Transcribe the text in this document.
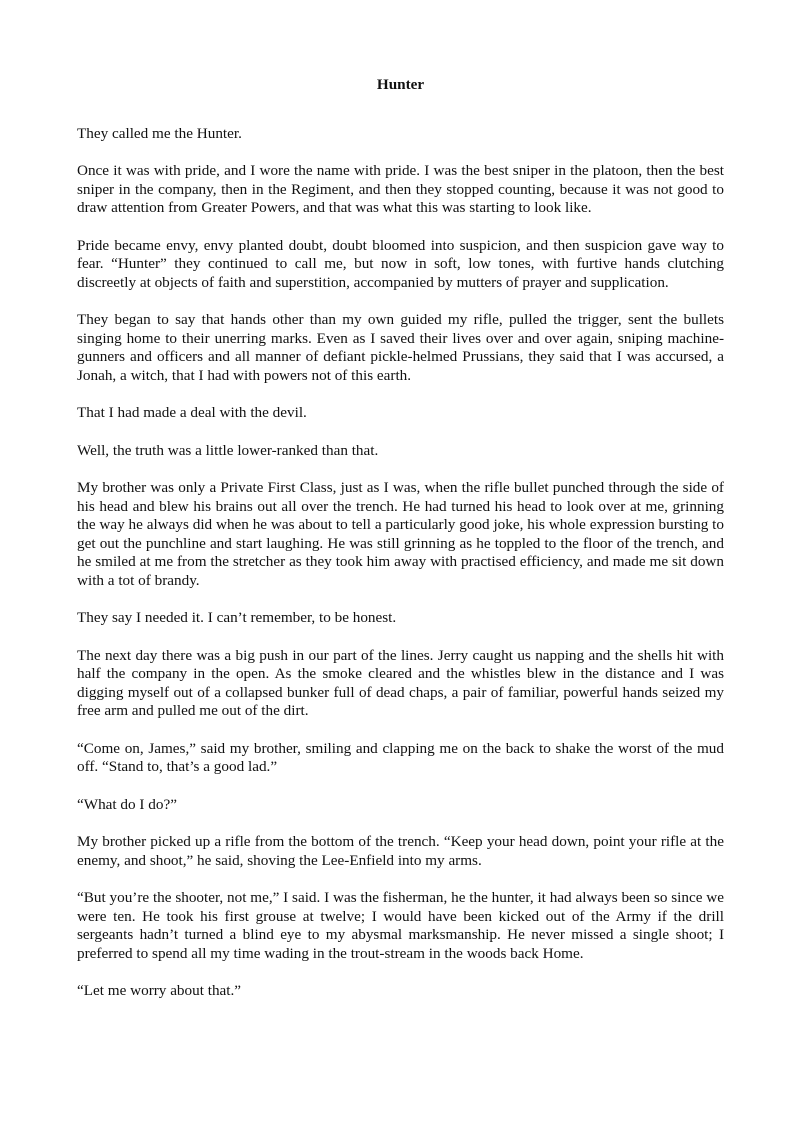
Hunter

They called me the Hunter.

Once it was with pride, and I wore the name with pride. I was the best sniper in the platoon, then the best sniper in the company, then in the Regiment, and then they stopped counting, because it was not good to draw attention from Greater Powers, and that was what this was starting to look like.

Pride became envy, envy planted doubt, doubt bloomed into suspicion, and then suspicion gave way to fear. “Hunter” they continued to call me, but now in soft, low tones, with furtive hands clutching discreetly at objects of faith and superstition, accompanied by mutters of prayer and supplication.

They began to say that hands other than my own guided my rifle, pulled the trigger, sent the bullets singing home to their unerring marks. Even as I saved their lives over and over again, sniping machine-gunners and officers and all manner of defiant pickle-helmed Prussians, they said that I was accursed, a Jonah, a witch, that I had with powers not of this earth.

That I had made a deal with the devil.

Well, the truth was a little lower-ranked than that.

My brother was only a Private First Class, just as I was, when the rifle bullet punched through the side of his head and blew his brains out all over the trench. He had turned his head to look over at me, grinning the way he always did when he was about to tell a particularly good joke, his whole expression bursting to get out the punchline and start laughing. He was still grinning as he toppled to the floor of the trench, and he smiled at me from the stretcher as they took him away with practised efficiency, and made me sit down with a tot of brandy.

They say I needed it. I can’t remember, to be honest.

The next day there was a big push in our part of the lines. Jerry caught us napping and the shells hit with half the company in the open. As the smoke cleared and the whistles blew in the distance and I was digging myself out of a collapsed bunker full of dead chaps, a pair of familiar, powerful hands seized my free arm and pulled me out of the dirt.

“Come on, James,” said my brother, smiling and clapping me on the back to shake the worst of the mud off. “Stand to, that’s a good lad.”

“What do I do?”

My brother picked up a rifle from the bottom of the trench. “Keep your head down, point your rifle at the enemy, and shoot,” he said, shoving the Lee-Enfield into my arms.

“But you’re the shooter, not me,” I said. I was the fisherman, he the hunter, it had always been so since we were ten. He took his first grouse at twelve; I would have been kicked out of the Army if the drill sergeants hadn’t turned a blind eye to my abysmal marksmanship. He never missed a single shoot; I preferred to spend all my time wading in the trout-stream in the woods back Home.

“Let me worry about that.”
